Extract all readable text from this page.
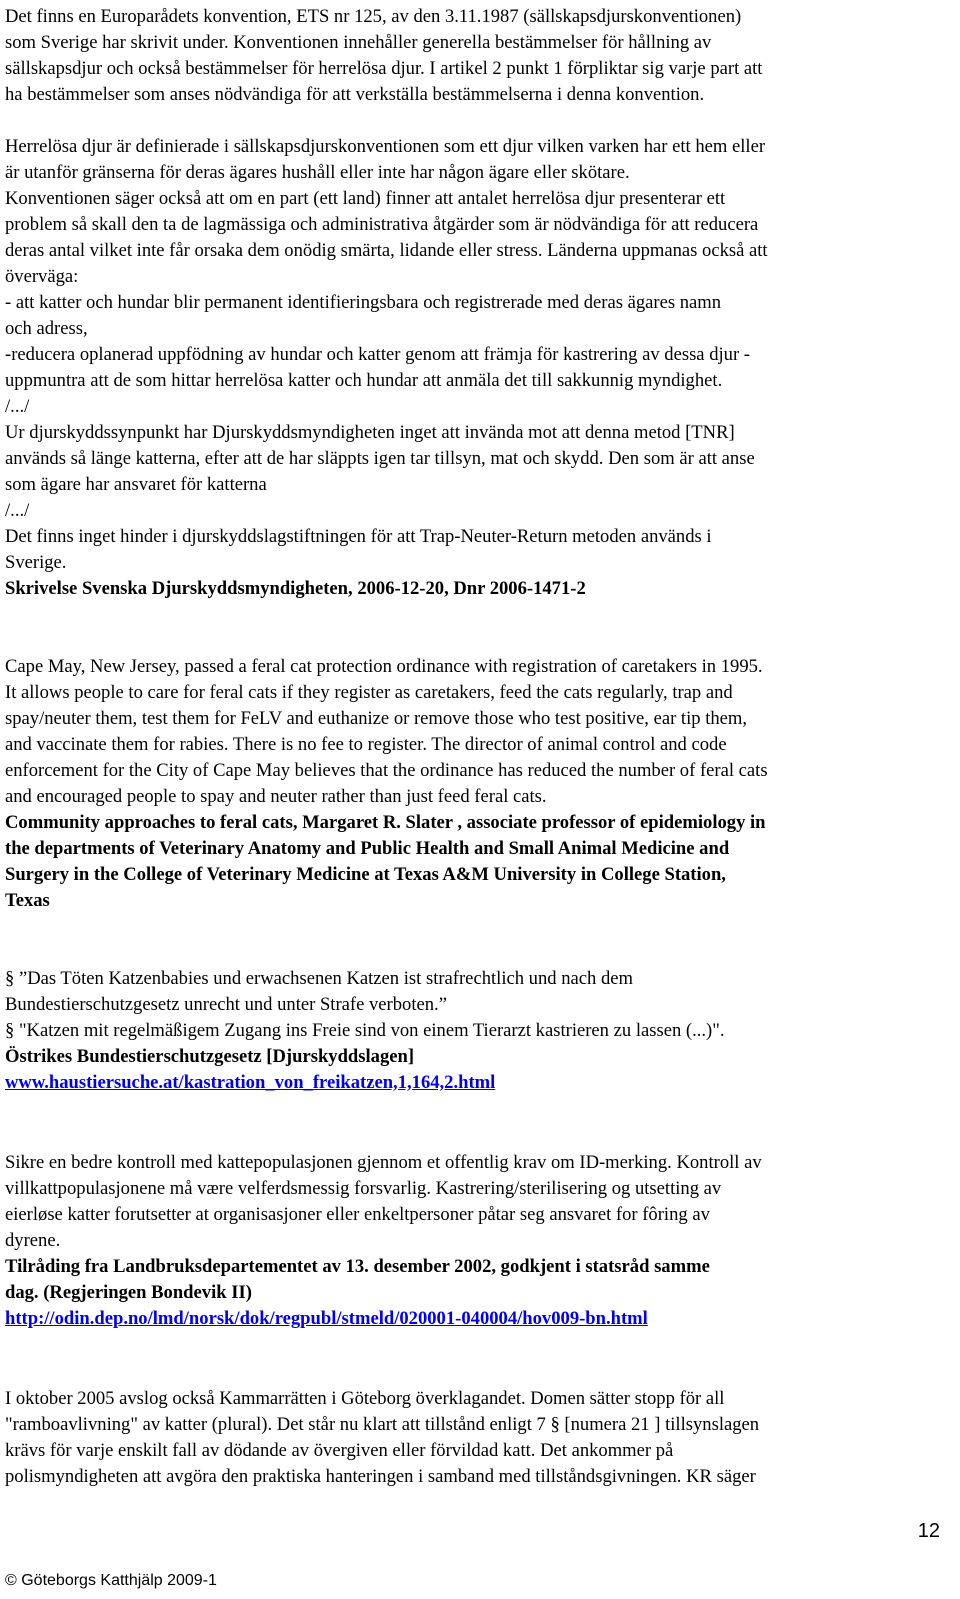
Det finns en Europarådets konvention, ETS nr 125, av den 3.11.1987 (sällskapsdjurskonventionen)
som Sverige har skrivit under. Konventionen innehåller generella bestämmelser för hållning av
sällskapsdjur och också bestämmelser för herrelösa djur. I artikel 2 punkt 1 förpliktar sig varje part att
ha bestämmelser som anses nödvändiga för att verkställa bestämmelserna i denna konvention.
Herrelösa djur är definierade i sällskapsdjurskonventionen som ett djur vilken varken har ett hem eller
är utanför gränserna för deras ägares hushåll eller inte har någon ägare eller skötare.
Konventionen säger också att om en part (ett land) finner att antalet herrelösa djur presenterar ett
problem så skall den ta de lagmässiga och administrativa åtgärder som är nödvändiga för att reducera
deras antal vilket inte får orsaka dem onödig smärta, lidande eller stress. Länderna uppmanas också att
överväga:
- att katter och hundar blir permanent identifieringsbara och registrerade med deras ägares namn
och adress,
-reducera oplanerad uppfödning av hundar och katter genom att främja för kastrering av dessa djur -
uppmuntra att de som hittar herrelösa katter och hundar att anmäla det till sakkunnig myndighet.
/.../
Ur djurskyddssynpunkt har Djurskyddsmyndigheten inget att invända mot att denna metod [TNR]
används så länge katterna, efter att de har släppts igen tar tillsyn, mat och skydd. Den som är att anse
som ägare har ansvaret för katterna
/.../
Det finns inget hinder i djurskyddslagstiftningen för att Trap-Neuter-Return metoden används i
Sverige.
Skrivelse Svenska Djurskyddsmyndigheten, 2006-12-20, Dnr 2006-1471-2
Cape May, New Jersey, passed a feral cat protection ordinance with registration of caretakers in 1995.
It allows people to care for feral cats if they register as caretakers, feed the cats regularly, trap and
spay/neuter them, test them for FeLV and euthanize or remove those who test positive, ear tip them,
and vaccinate them for rabies. There is no fee to register. The director of animal control and code
enforcement for the City of Cape May believes that the ordinance has reduced the number of feral cats
and encouraged people to spay and neuter rather than just feed feral cats.
Community approaches to feral cats, Margaret R. Slater , associate professor of epidemiology in
the departments of Veterinary Anatomy and Public Health and Small Animal Medicine and
Surgery in the College of Veterinary Medicine at Texas A&M University in College Station,
Texas
§ ”Das Töten Katzenbabies und erwachsenen Katzen ist strafrechtlich und nach dem
Bundestierschutzgesetz unrecht und unter Strafe verboten.”
§ "Katzen mit regelmäßigem Zugang ins Freie sind von einem Tierarzt kastrieren zu lassen (...)".
Östrikes Bundestierschutzgesetz [Djurskyddslagen]
www.haustiersuche.at/kastration_von_freikatzen,1,164,2.html
Sikre en bedre kontroll med kattepopulasjonen gjennom et offentlig krav om ID-merking. Kontroll av
villkattpopulasjonene må være velferdsmessig forsvarlig. Kastrering/sterilisering og utsetting av
eierløse katter forutsetter at organisasjoner eller enkeltpersoner påtar seg ansvaret for fôring av
dyrene.
Tilråding fra Landbruksdepartementet av 13. desember 2002, godkjent i statsråd samme
dag. (Regjeringen Bondevik II)
http://odin.dep.no/lmd/norsk/dok/regpubl/stmeld/020001-040004/hov009-bn.html
I oktober 2005 avslog också Kammarrätten i Göteborg överklagandet. Domen sätter stopp för all
"ramboavlivning" av katter (plural). Det står nu klart att tillstånd enligt 7 § [numera 21 ] tillsynslagen
krävs för varje enskilt fall av dödande av övergiven eller förvildad katt. Det ankommer på
polismyndigheten att avgöra den praktiska hanteringen i samband med tillståndsgivningen. KR säger
12
© Göteborgs Katthjälp 2009-1
